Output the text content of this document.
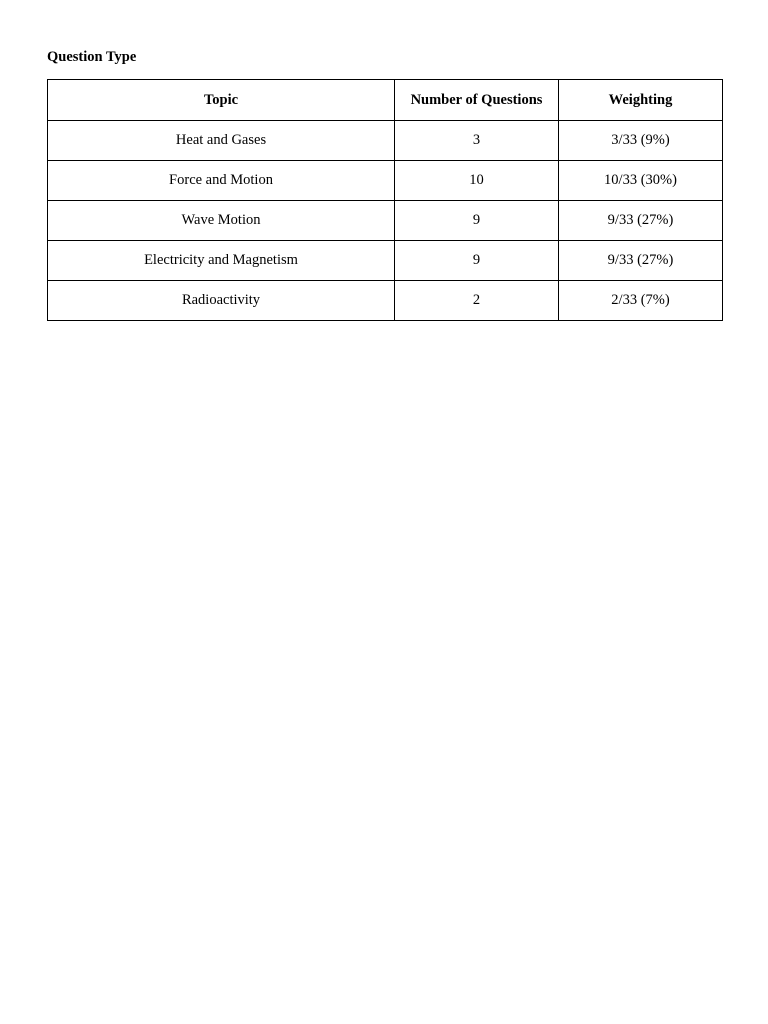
Question Type

Topic	Number of Questions	Weighting
Heat and Gases	3	3/33 (9%)
Force and Motion	10	10/33 (30%)
Wave Motion	9	9/33 (27%)
Electricity and Magnetism	9	9/33 (27%)
Radioactivity	2	2/33 (7%)
